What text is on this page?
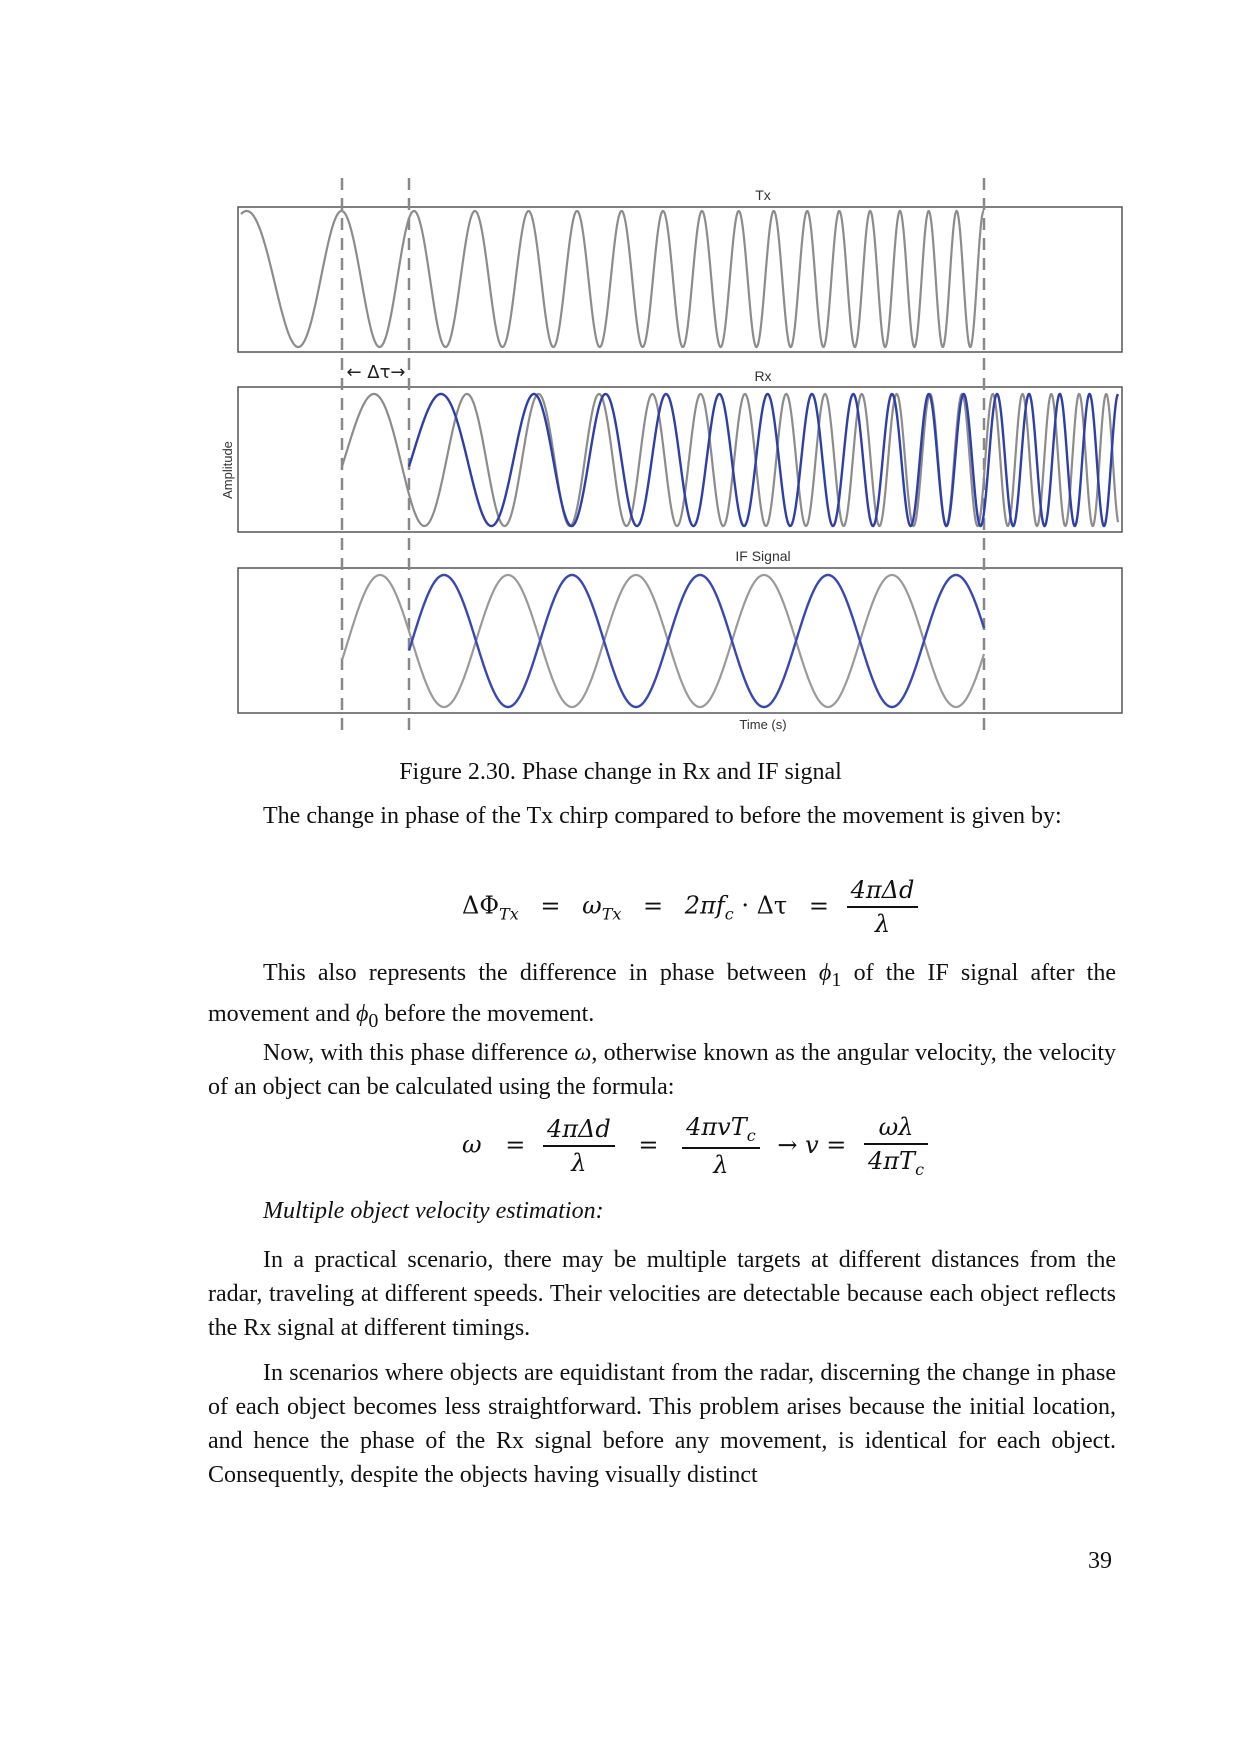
Amplitude
Tx
Rx
IF Signal
Time (s)
← Δτ→
Figure 2.30. Phase change in Rx and IF signal

The change in phase of the Tx chirp compared to before the movement is given by:

$\Delta\Phi_{Tx} = \omega_{Tx} = 2\pi f_c \cdot \Delta\tau = \frac{\text{4πΔd}}{\lambda}$

This also represents the difference in phase between $\phi_1$ of the IF signal after the movement and $\phi_0$ before the movement.

Now, with this phase difference ω, otherwise known as the angular velocity, the velocity of an object can be calculated using the formula:

$\omega = \frac{\text{4πΔd}}{\lambda} = \frac{4\pi vT_c}{\lambda} \to v = \frac{\omega\lambda}{4\pi T_c}$
Multiple object velocity estimation:

In a practical scenario, there may be multiple targets at different distances from the radar, traveling at different speeds. Their velocities are detectable because each object reflects the Rx signal at different timings.

In scenarios where objects are equidistant from the radar, discerning the change in phase of each object becomes less straightforward. This problem arises because the initial location, and hence the phase of the Rx signal before any movement, is identical for each object. Consequently, despite the objects having visually distinct

39
